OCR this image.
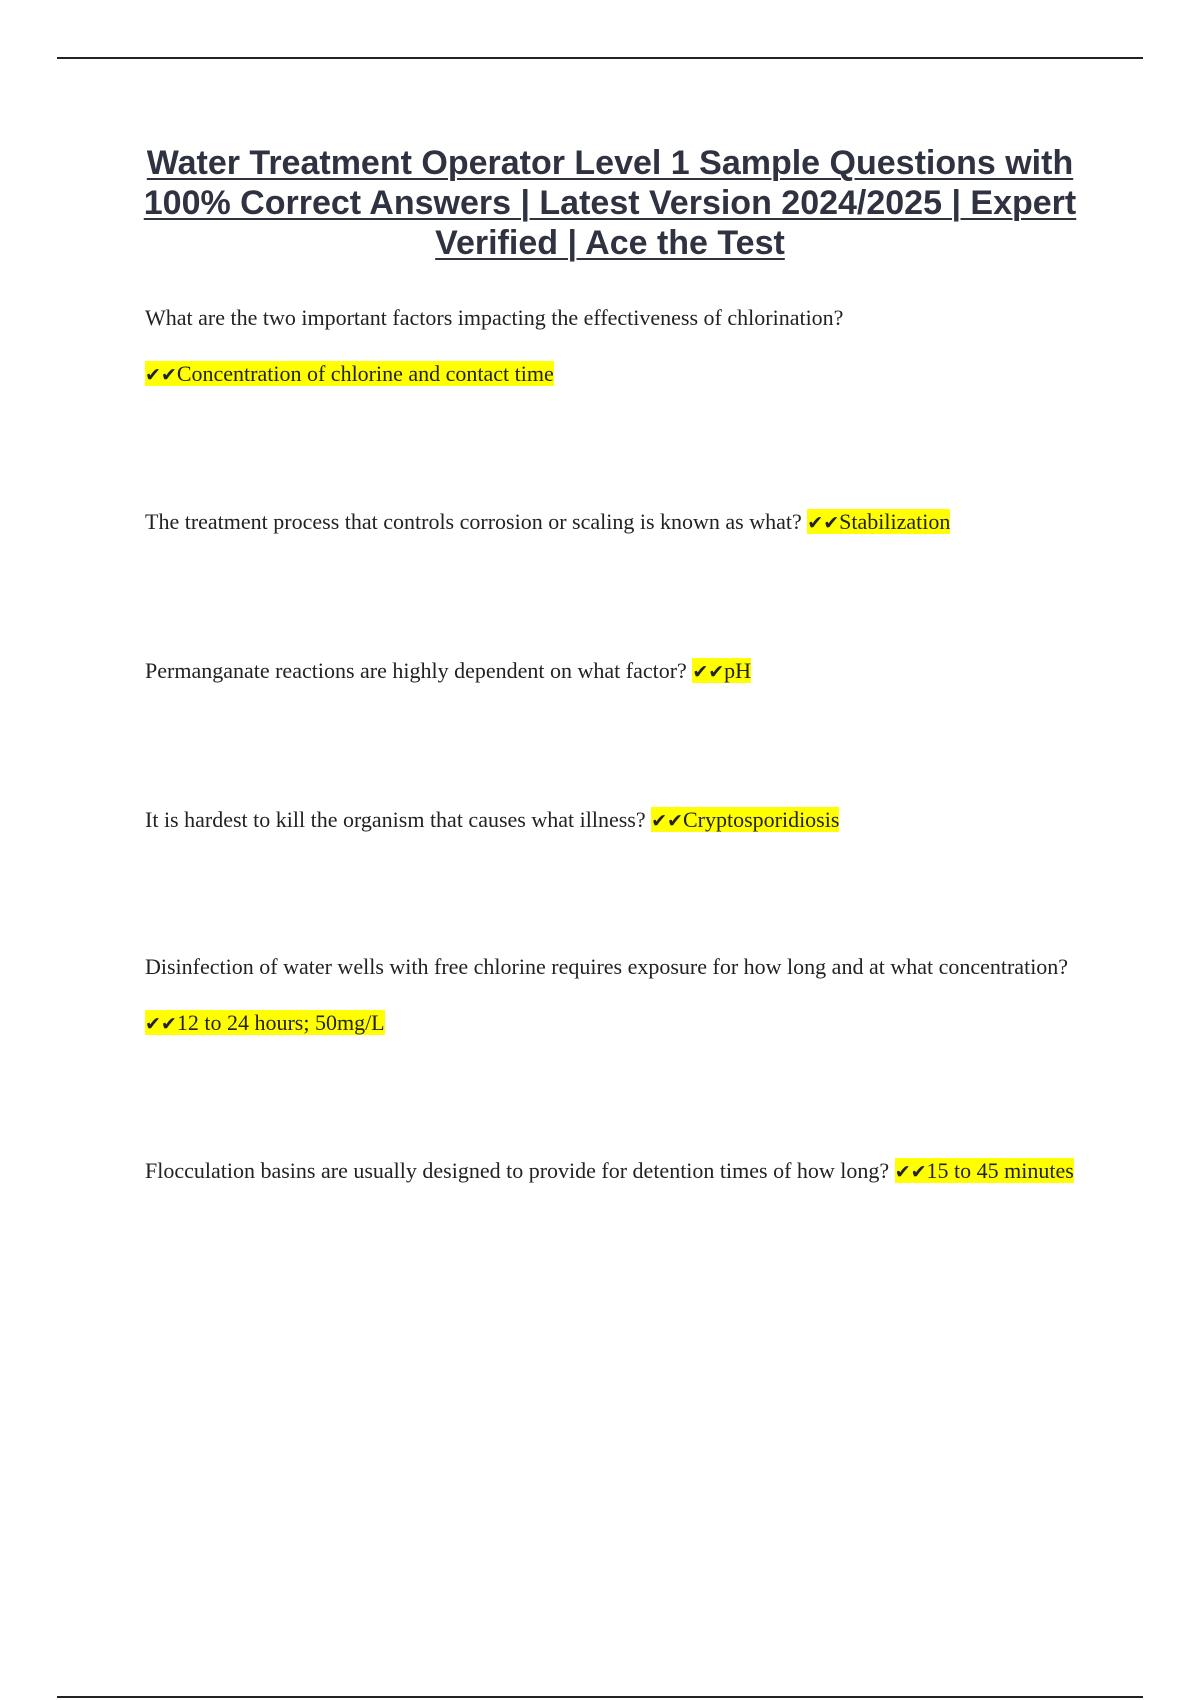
Water Treatment Operator Level 1 Sample Questions with 100% Correct Answers | Latest Version 2024/2025 | Expert Verified | Ace the Test

What are the two important factors impacting the effectiveness of chlorination?
✔✔Concentration of chlorine and contact time

The treatment process that controls corrosion or scaling is known as what? ✔✔Stabilization

Permanganate reactions are highly dependent on what factor? ✔✔pH

It is hardest to kill the organism that causes what illness? ✔✔Cryptosporidiosis

Disinfection of water wells with free chlorine requires exposure for how long and at what concentration? ✔✔12 to 24 hours; 50mg/L

Flocculation basins are usually designed to provide for detention times of how long? ✔✔15 to 45 minutes
